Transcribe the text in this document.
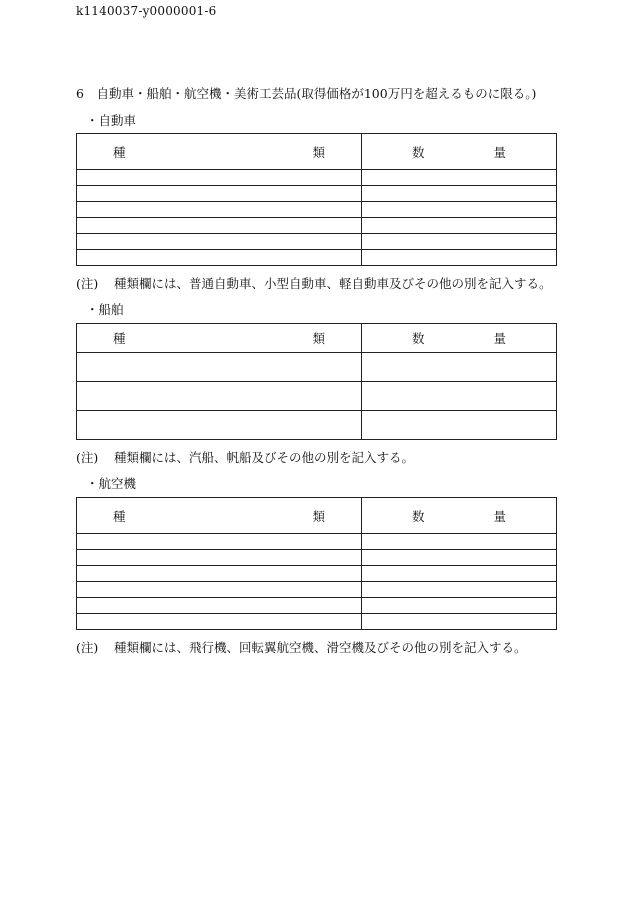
k1140037-y0000001-6
6　自動車・船舶・航空機・美術工芸品(取得価格が100万円を超えるものに限る。)
・自動車
種 類	数 量

(注) 種類欄には、普通自動車、小型自動車、軽自動車及びその他の別を記入する。
・船舶
種 類	数 量

(注) 種類欄には、汽船、帆船及びその他の別を記入する。
・航空機
種 類	数 量

(注) 種類欄には、飛行機、回転翼航空機、滑空機及びその他の別を記入する。
